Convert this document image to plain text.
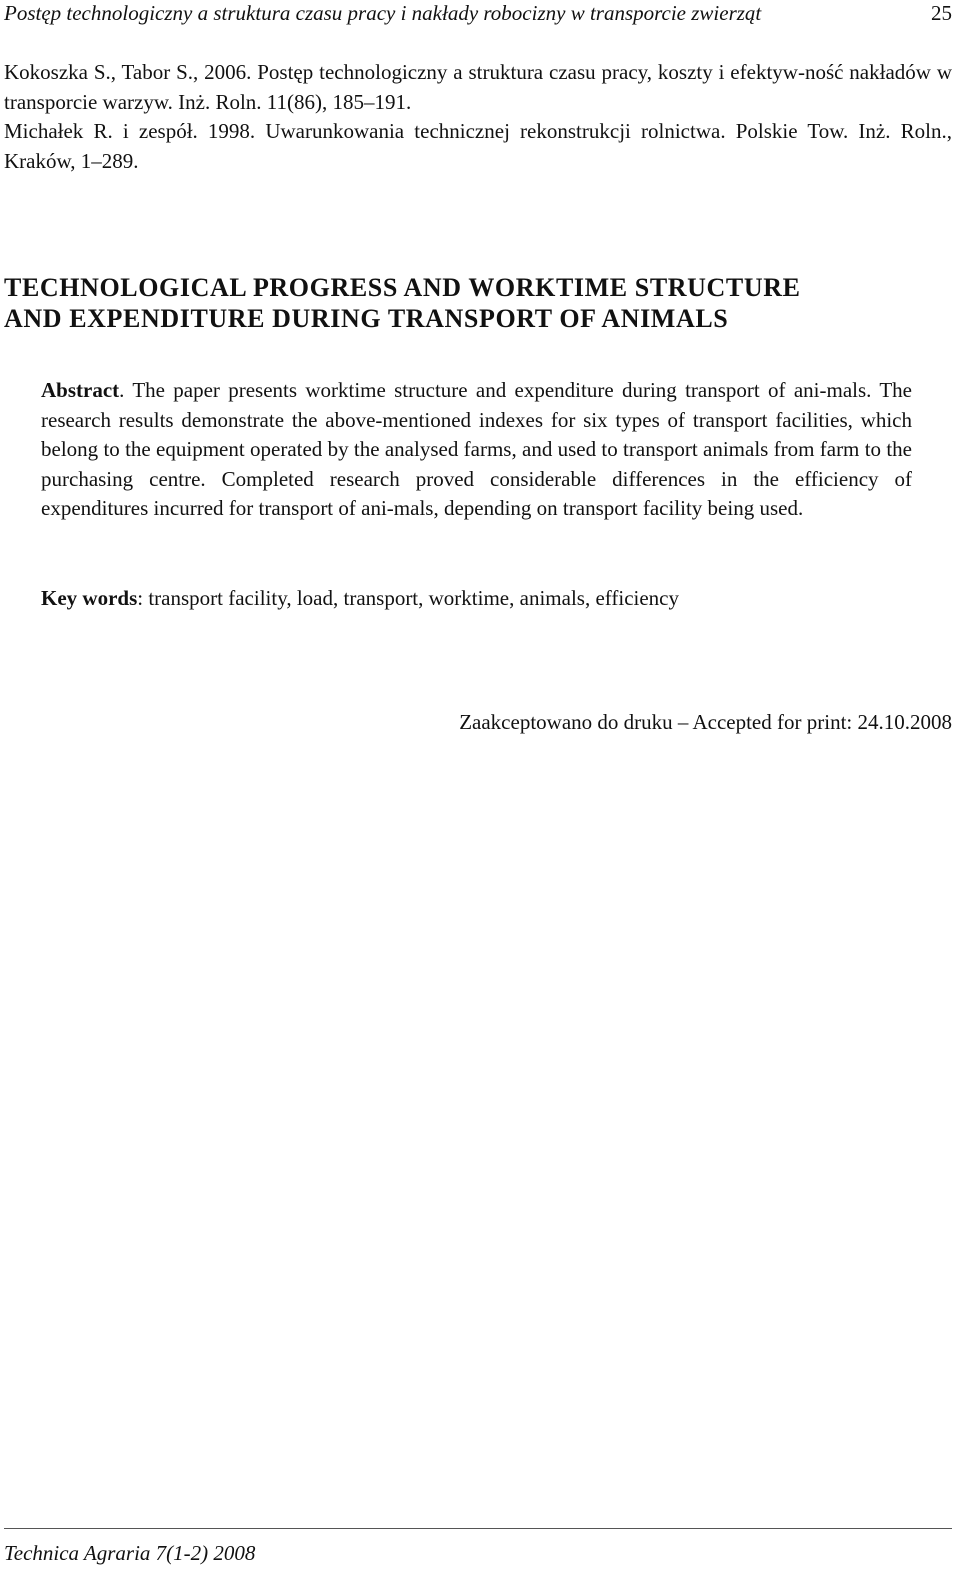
Postęp technologiczny a struktura czasu pracy i nakłady robocizny w transporcie zwierząt	25

Kokoszka S., Tabor S., 2006. Postęp technologiczny a struktura czasu pracy, koszty i efektyw-ność nakładów w transporcie warzyw. Inż. Roln. 11(86), 185–191.

Michałek R. i zespół. 1998. Uwarunkowania technicznej rekonstrukcji rolnictwa. Polskie Tow. Inż. Roln., Kraków, 1–289.

TECHNOLOGICAL PROGRESS AND WORKTIME STRUCTURE
AND EXPENDITURE DURING TRANSPORT OF ANIMALS

Abstract. The paper presents worktime structure and expenditure during transport of ani-mals. The research results demonstrate the above-mentioned indexes for six types of transport facilities, which belong to the equipment operated by the analysed farms, and used to transport animals from farm to the purchasing centre. Completed research proved considerable differences in the efficiency of expenditures incurred for transport of ani-mals, depending on transport facility being used.

Key words: transport facility, load, transport, worktime, animals, efficiency

Zaakceptowano do druku – Accepted for print: 24.10.2008

Technica Agraria 7(1-2) 2008
